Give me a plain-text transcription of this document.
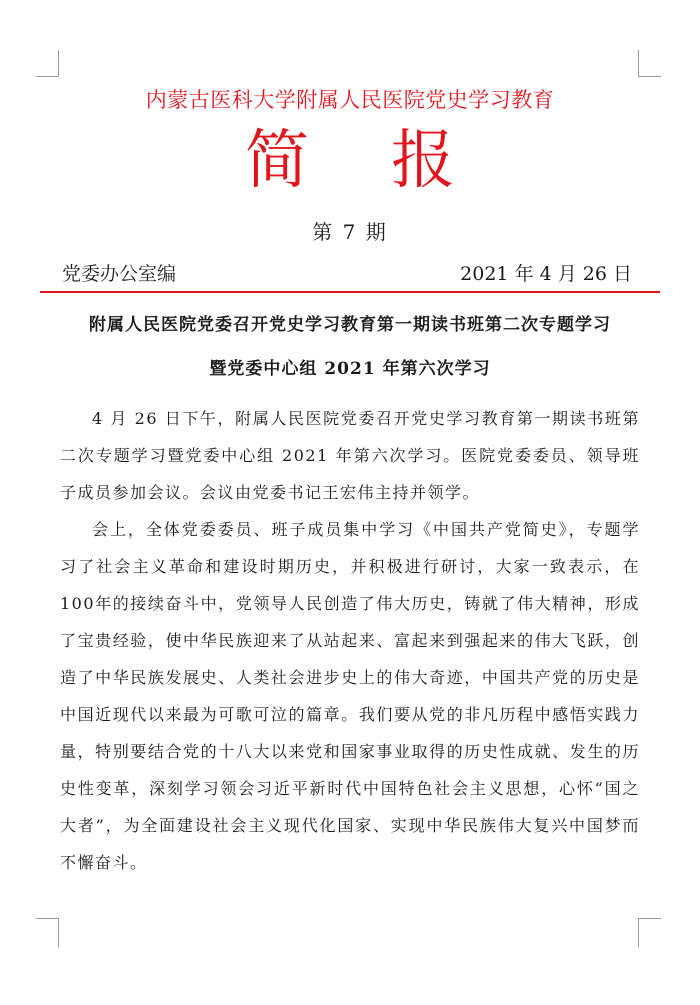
内蒙古医科大学附属人民医院党史学习教育
简报
第 7 期
党委办公室编	2021 年 4 月 26 日
附属人民医院党委召开党史学习教育第一期读书班第二次专题学习
暨党委中心组 2021 年第六次学习

4 月 26 日下午，附属人民医院党委召开党史学习教育第一期读书班第二次专题学习暨党委中心组 2021 年第六次学习。医院党委委员、领导班子成员参加会议。会议由党委书记王宏伟主持并领学。

会上，全体党委委员、班子成员集中学习《中国共产党简史》，专题学习了社会主义革命和建设时期历史，并积极进行研讨，大家一致表示，在100年的接续奋斗中，党领导人民创造了伟大历史，铸就了伟大精神，形成了宝贵经验，使中华民族迎来了从站起来、富起来到强起来的伟大飞跃，创造了中华民族发展史、人类社会进步史上的伟大奇迹，中国共产党的历史是中国近现代以来最为可歌可泣的篇章。我们要从党的非凡历程中感悟实践力量，特别要结合党的十八大以来党和国家事业取得的历史性成就、发生的历史性变革，深刻学习领会习近平新时代中国特色社会主义思想，心怀“国之大者”，为全面建设社会主义现代化国家、实现中华民族伟大复兴中国梦而不懈奋斗。
